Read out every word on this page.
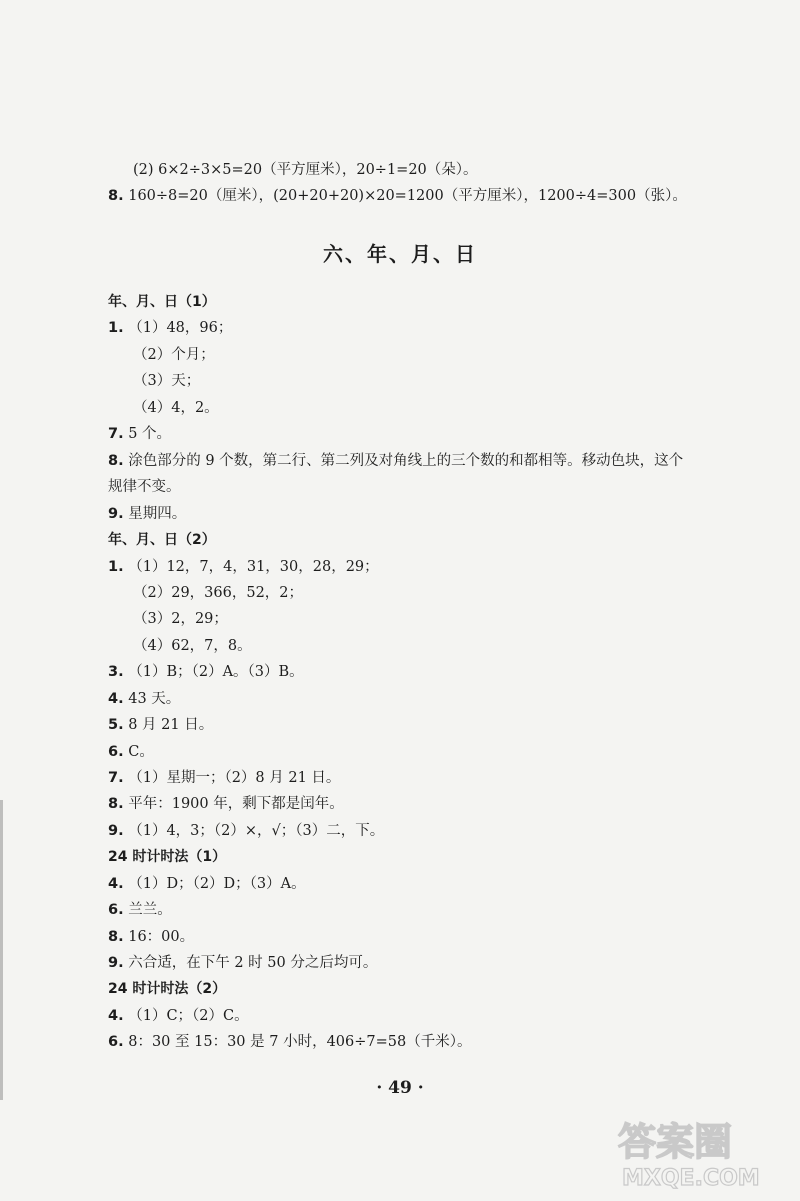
(2) 6×2÷3×5=20（平方厘米），20÷1=20（朵）。
8. 160÷8=20（厘米），(20+20+20)×20=1200（平方厘米），1200÷4=300（张）。
六、年、月、日
年、月、日（1）
1. （1）48，96；
（2）个月；
（3）天；
（4）4，2。
7. 5 个。
8. 涂色部分的 9 个数，第二行、第二列及对角线上的三个数的和都相等。移动色块，这个
规律不变。
9. 星期四。
年、月、日（2）
1. （1）12，7，4，31，30，28，29；
（2）29，366，52，2；
（3）2，29；
（4）62，7，8。
3. （1）B；（2）A。（3）B。
4. 43 天。
5. 8 月 21 日。
6. C。
7. （1）星期一；（2）8 月 21 日。
8. 平年：1900 年，剩下都是闰年。
9. （1）4，3；（2）×，√；（3）二，下。
24 时计时法（1）
4. （1）D；（2）D；（3）A。
6. 兰兰。
8. 16：00。
9. 六合适，在下午 2 时 50 分之后均可。
24 时计时法（2）
4. （1）C；（2）C。
6. 8：30 至 15：30 是 7 小时，406÷7=58（千米）。
· 49 ·
答案圈
MXQE.COM
